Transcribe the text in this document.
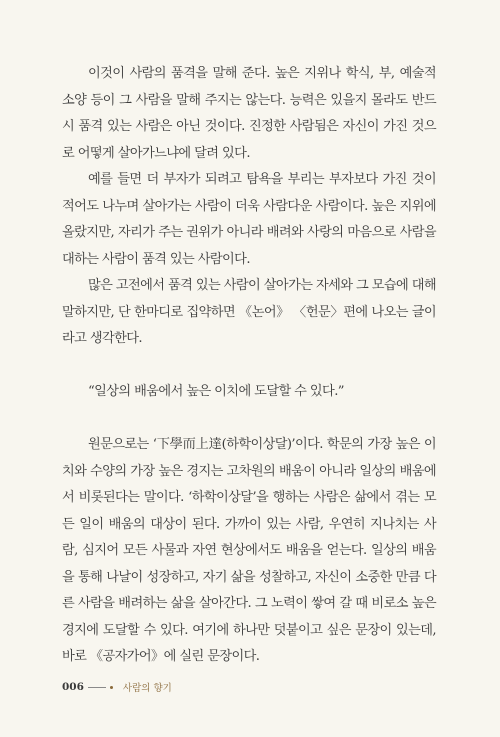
이것이 사람의 품격을 말해 준다. 높은 지위나 학식, 부, 예술적 소양 등이 그 사람을 말해 주지는 않는다. 능력은 있을지 몰라도 반드시 품격 있는 사람은 아닌 것이다. 진정한 사람됨은 자신이 가진 것으로 어떻게 살아가느냐에 달려 있다.

예를 들면 더 부자가 되려고 탐욕을 부리는 부자보다 가진 것이 적어도 나누며 살아가는 사람이 더욱 사람다운 사람이다. 높은 지위에 올랐지만, 자리가 주는 권위가 아니라 배려와 사랑의 마음으로 사람을 대하는 사람이 품격 있는 사람이다.

많은 고전에서 품격 있는 사람이 살아가는 자세와 그 모습에 대해 말하지만, 단 한마디로 집약하면 《논어》 〈헌문〉편에 나오는 글이라고 생각한다.

“일상의 배움에서 높은 이치에 도달할 수 있다.”

원문으로는 ‘下學而上達(하학이상달)’이다. 학문의 가장 높은 이치와 수양의 가장 높은 경지는 고차원의 배움이 아니라 일상의 배움에서 비롯된다는 말이다. ‘하학이상달’을 행하는 사람은 삶에서 겪는 모든 일이 배움의 대상이 된다. 가까이 있는 사람, 우연히 지나치는 사람, 심지어 모든 사물과 자연 현상에서도 배움을 얻는다. 일상의 배움을 통해 나날이 성장하고, 자기 삶을 성찰하고, 자신이 소중한 만큼 다른 사람을 배려하는 삶을 살아간다. 그 노력이 쌓여 갈 때 비로소 높은 경지에 도달할 수 있다. 여기에 하나만 덧붙이고 싶은 문장이 있는데, 바로 《공자가어》에 실린 문장이다.

006	사람의 향기
